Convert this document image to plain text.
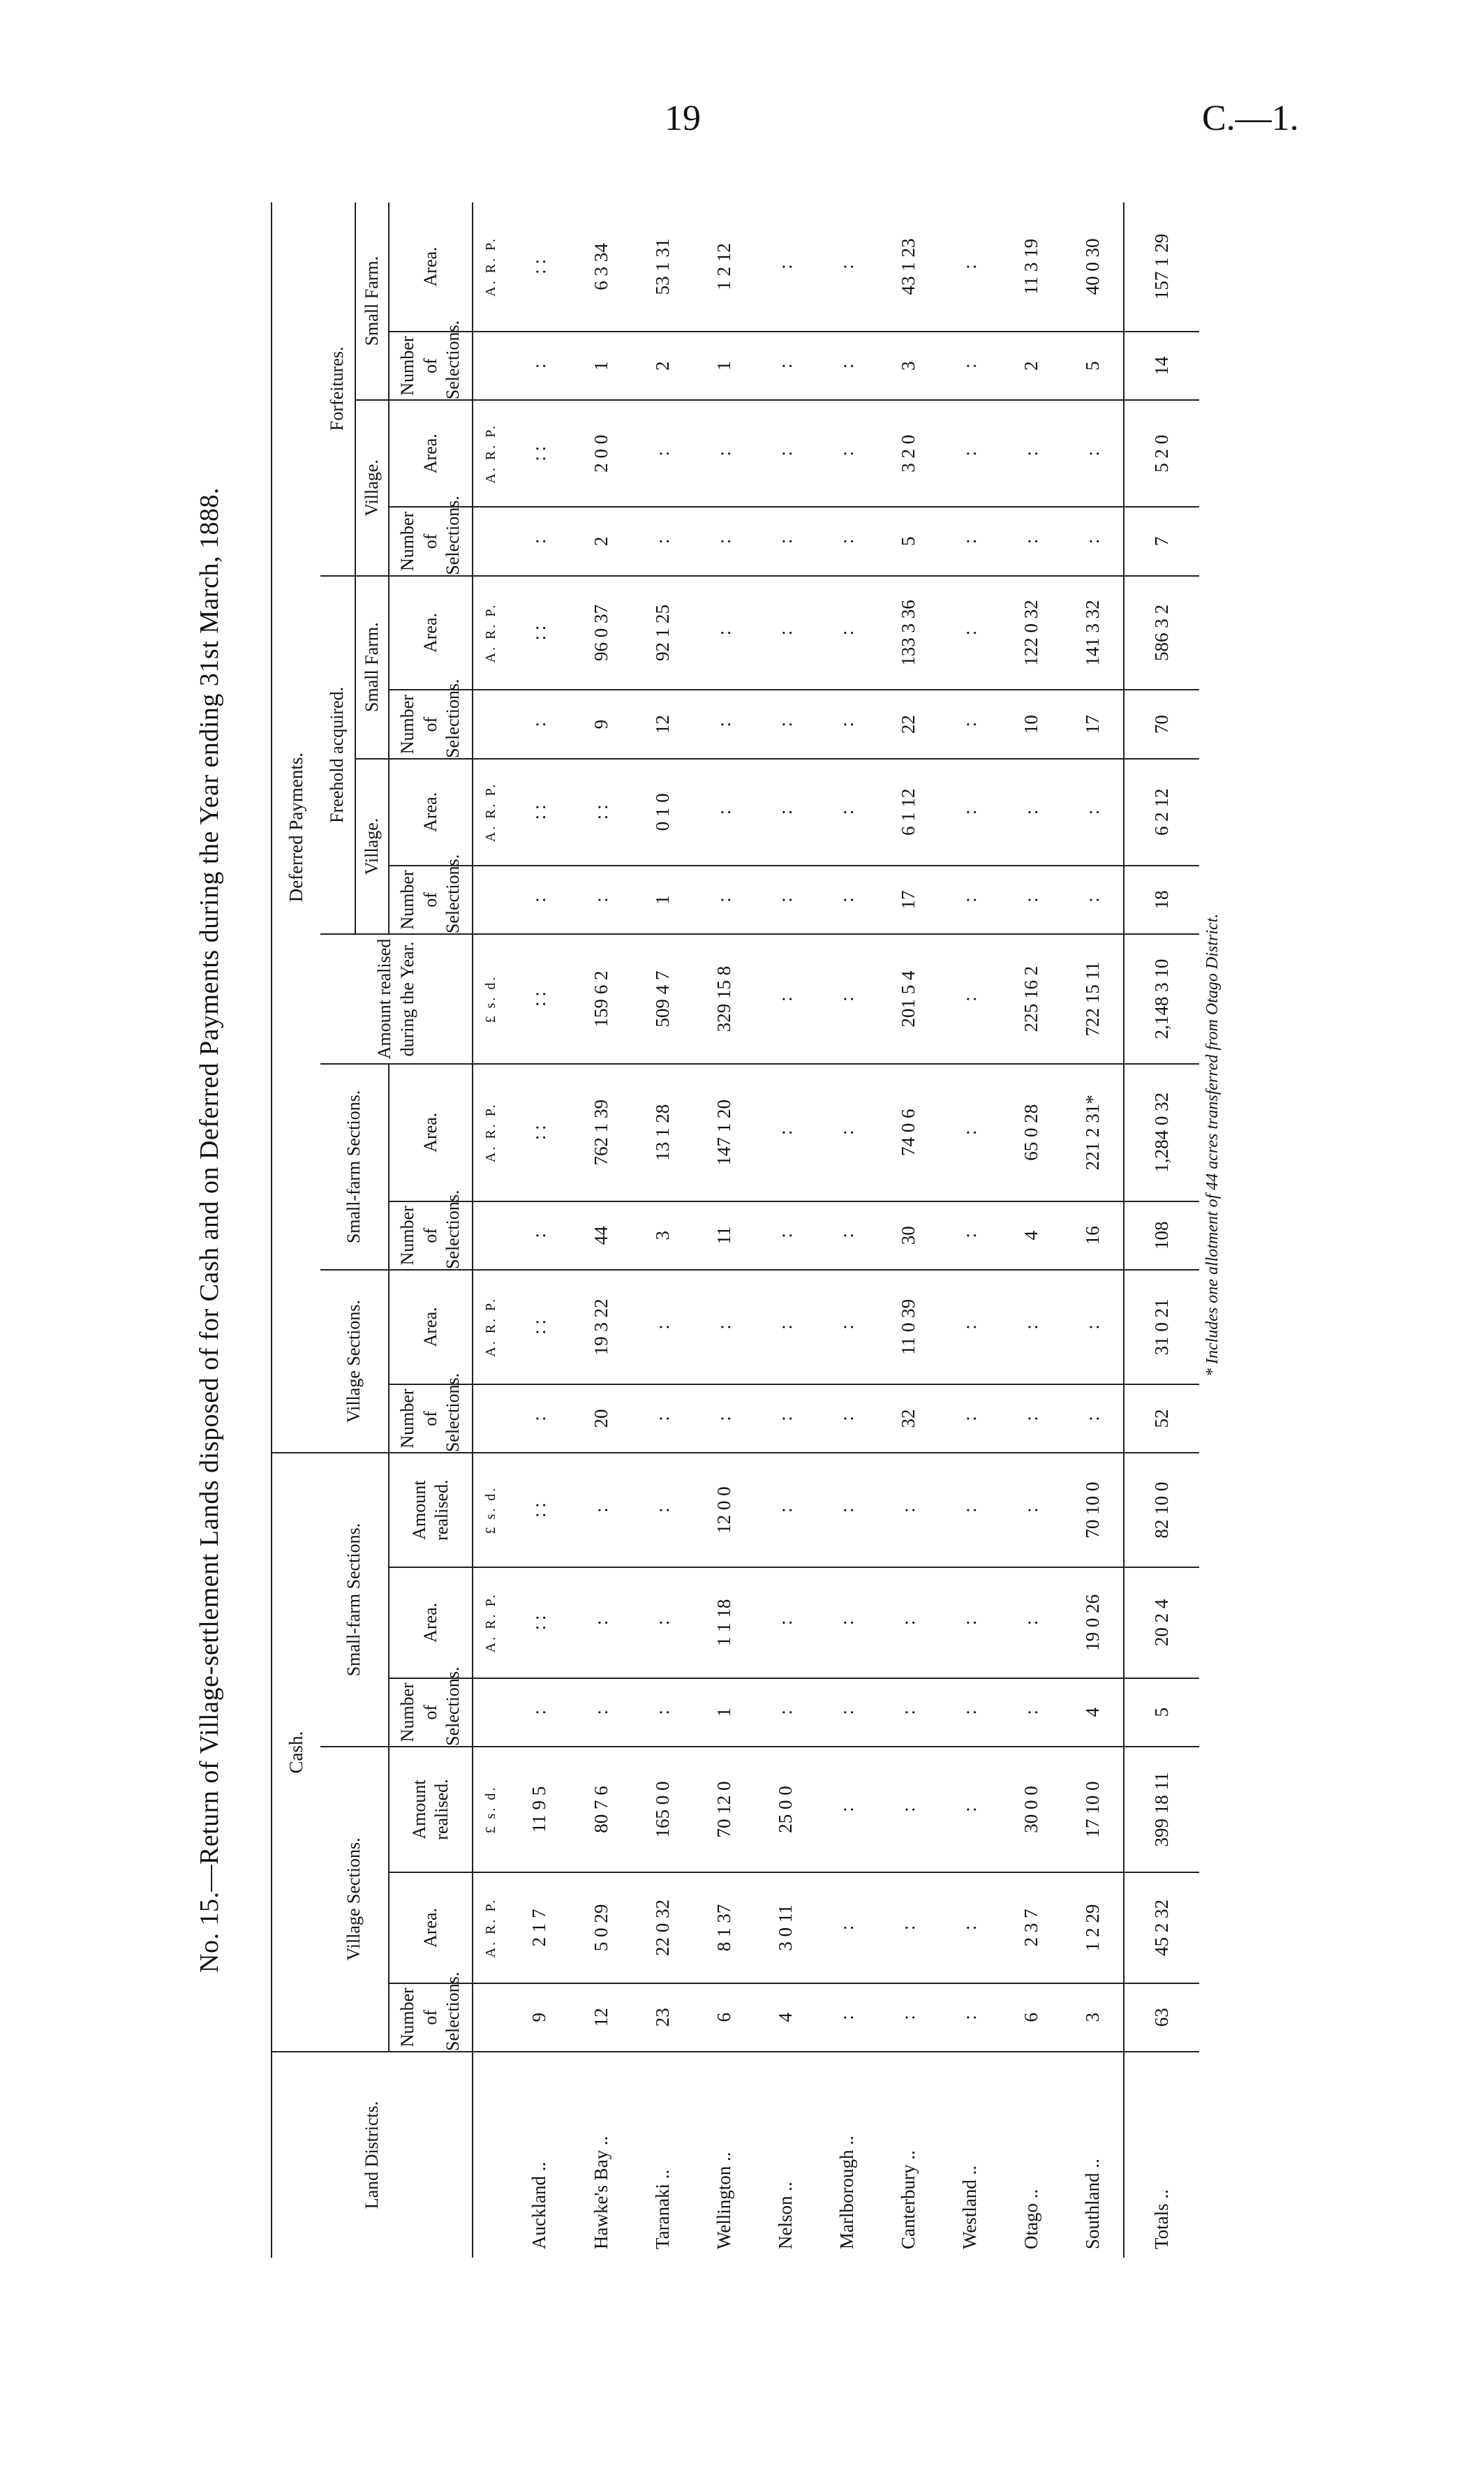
19	C.—1.
No. 15.—Return of Village-settlement Lands disposed of for Cash and on Deferred Payments during the Year ending 31st March, 1888.
Land Districts.	Cash.						Deferred Payments.												
	Village Sections.			Small-farm Sections.			Village Sections.		Small-farm Sections.		Amount realised during the Year.	Freehold acquired.				Forfeitures.			
												Village.		Small Farm.		Village.		Small Farm.	
	Number of Selections.	Area.	Amount realised.	Number of Selections.	Area.	Amount realised.	Number of Selections.	Area.	Number of Selections.	Area.		Number of Selections.	Area.	Number of Selections.	Area.	Number of Selections.	Area.	Number of Selections.	Area.
		A. R. P.	£ s. d.		A. R. P.	£ s. d.		A. R. P.		A. R. P.	£ s. d.		A. R. P.		A. R. P.		A. R. P.		A. R. P.
Auckland ..	9	2 1 7	11 9 5	:	: :	: :	:	: :	:	: :	: :	:	: :	:	: :	:	: :	:	: :
Hawke's Bay ..	12	5 0 29	80 7 6	:	:	:	20	19 3 22	44	762 1 39	159 6 2	:	: :	9	96 0 37	2	2 0 0	1	6 3 34
Taranaki ..	23	22 0 32	165 0 0	:	:	:	:	:	3	13 1 28	509 4 7	1	0 1 0	12	92 1 25	:	:	2	53 1 31
Wellington ..	6	8 1 37	70 12 0	1	1 1 18	12 0 0	:	:	11	147 1 20	329 15 8	:	:	:	:	:	:	1	1 2 12
Nelson ..	4	3 0 11	25 0 0	:	:	:	:	:	:	:	:	:	:	:	:	:	:	:	:
Marlborough ..	:	:	:	:	:	:	:	:	:	:	:	:	:	:	:	:	:	:	:
Canterbury ..	:	:	:	:	:	:	32	11 0 39	30	74 0 6	201 5 4	17	6 1 12	22	133 3 36	5	3 2 0	3	43 1 23
Westland ..	:	:	:	:	:	:	:	:	:	:	:	:	:	:	:	:	:	:	:
Otago ..	6	2 3 7	30 0 0	:	:	:	:	:	4	65 0 28	225 16 2	:	:	10	122 0 32	:	:	2	11 3 19
Southland ..	3	1 2 29	17 10 0	4	19 0 26	70 10 0	:	:	16	221 2 31*	722 15 11	:	:	17	141 3 32	:	:	5	40 0 30
Totals ..	63	45 2 32	399 18 11	5	20 2 4	82 10 0	52	31 0 21	108	1,284 0 32	2,148 3 10	18	6 2 12	70	586 3 2	7	5 2 0	14	157 1 29
* Includes one allotment of 44 acres transferred from Otago District.
